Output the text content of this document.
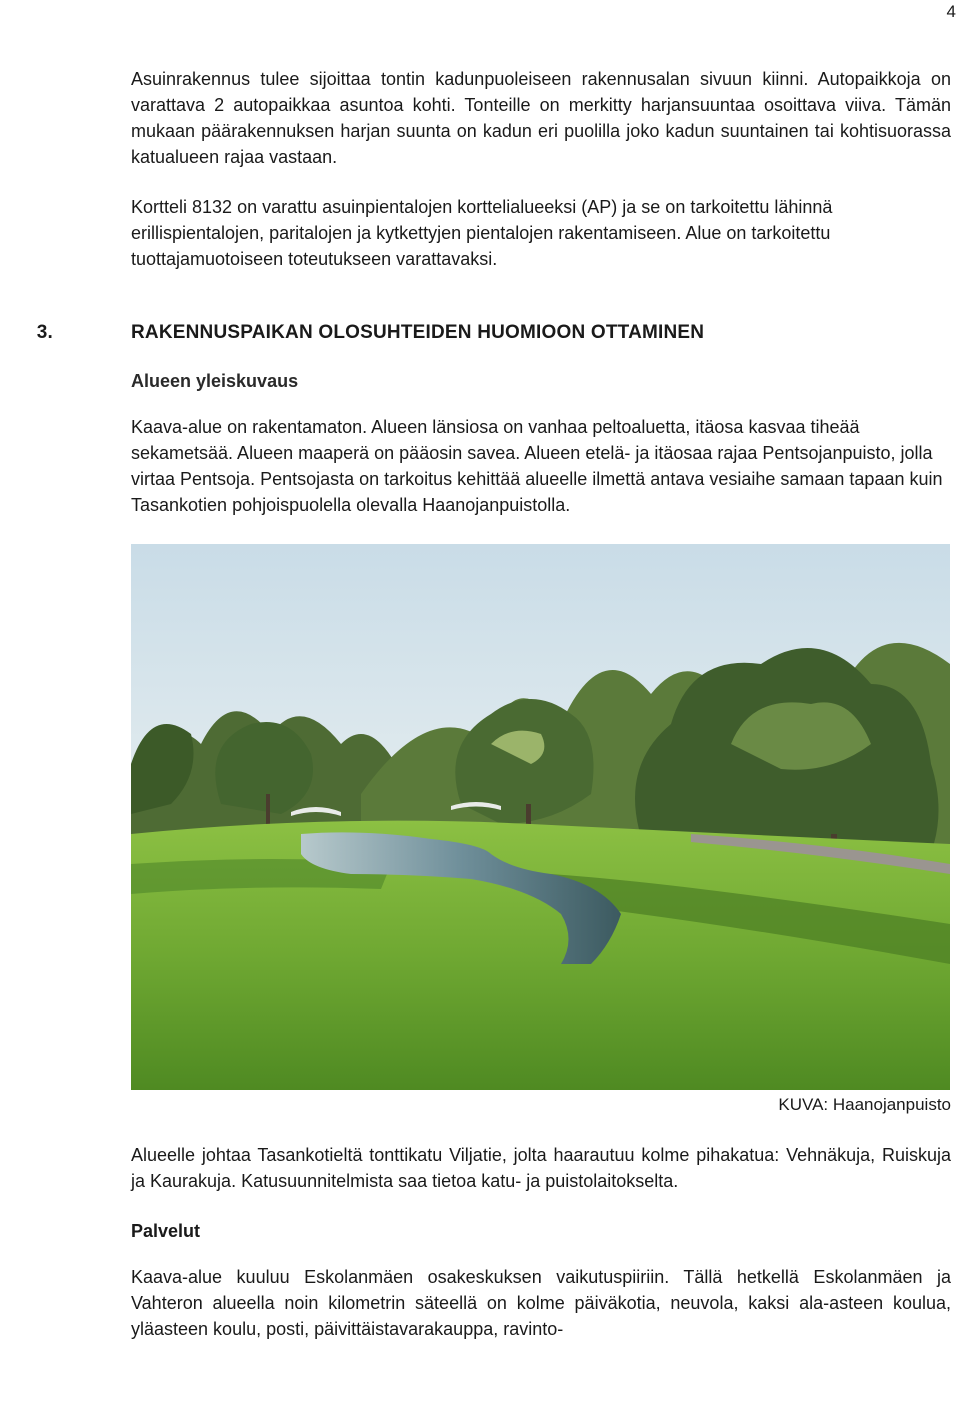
4

Asuinrakennus tulee sijoittaa tontin kadunpuoleiseen rakennusalan sivuun kiinni. Autopaikkoja on varattava 2 autopaikkaa asuntoa kohti. Tonteille on merkitty harjansuuntaa osoittava viiva. Tämän mukaan päärakennuksen harjan suunta on kadun eri puolilla joko kadun suuntainen tai kohtisuorassa katualueen rajaa vastaan.

Kortteli 8132 on varattu asuinpientalojen korttelialueeksi (AP) ja se on tarkoitettu lähinnä erillispientalojen, paritalojen ja kytkettyjen pientalojen rakentamiseen. Alue on tarkoitettu tuottajamuotoiseen toteutukseen varattavaksi.

3.	RAKENNUSPAIKAN OLOSUHTEIDEN HUOMIOON OTTAMINEN
Alueen yleiskuvaus

Kaava-alue on rakentamaton. Alueen länsiosa on vanhaa peltoaluetta, itäosa kasvaa tiheää sekametsää. Alueen maaperä on pääosin savea. Alueen etelä- ja itäosaa rajaa Pentsojanpuisto, jolla virtaa Pentsoja. Pentsojasta on tarkoitus kehittää alueelle ilmettä antava vesiaihe samaan tapaan kuin Tasankotien pohjoispuolella olevalla Haanojanpuistolla.

KUVA: Haanojanpuisto

Alueelle johtaa Tasankotieltä tonttikatu Viljatie, jolta haarautuu kolme pihakatua: Vehnäkuja, Ruiskuja ja Kaurakuja. Katusuunnitelmista saa tietoa katu- ja puistolaitokselta.

Palvelut

Kaava-alue kuuluu Eskolanmäen osakeskuksen vaikutuspiiriin. Tällä hetkellä Eskolanmäen ja Vahteron alueella noin kilometrin säteellä on kolme päiväkotia, neuvola, kaksi ala-asteen koulua, yläasteen koulu, posti, päivittäistavarakauppa, ravinto-
